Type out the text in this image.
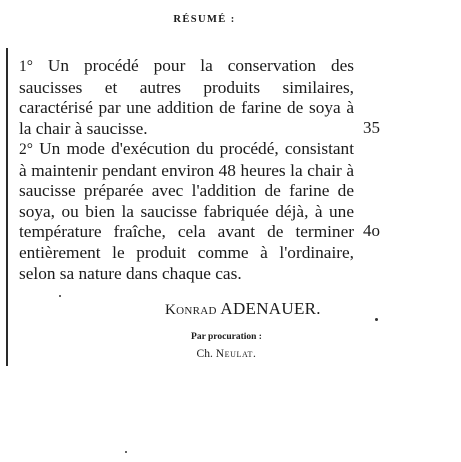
RÉSUMÉ :

1° Un procédé pour la conservation des saucisses et autres produits similaires, caractérisé par une addition de farine de soya à la chair à saucisse.

2° Un mode d'exécution du procédé, consistant à maintenir pendant environ 48 heures la chair à saucisse préparée avec l'addition de farine de soya, ou bien la saucisse fabriquée déjà, à une température fraîche, cela avant de terminer entièrement le produit comme à l'ordinaire, selon sa nature dans chaque cas.

35
4o
Konrad ADENAUER.
Par procuration :
Ch. Neulat.
